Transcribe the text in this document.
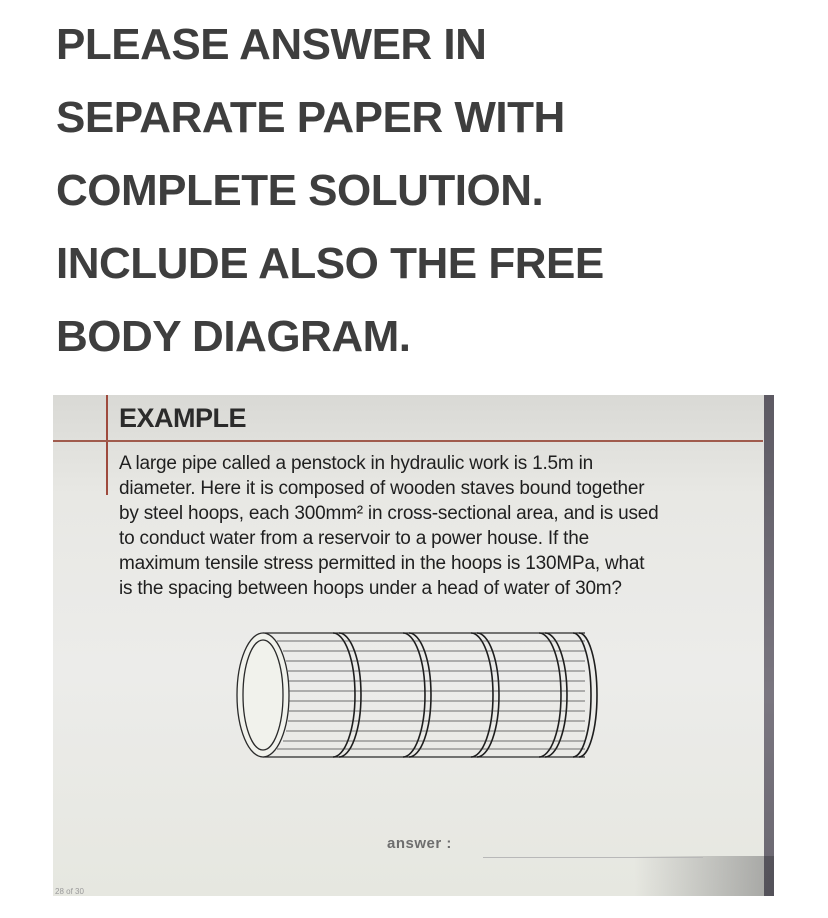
PLEASE ANSWER IN
SEPARATE PAPER WITH
COMPLETE SOLUTION.
INCLUDE ALSO THE FREE
BODY DIAGRAM.
EXAMPLE
A large pipe called a penstock in hydraulic work is 1.5m in
diameter. Here it is composed of wooden staves bound together
by steel hoops, each 300mm² in cross-sectional area, and is used
to conduct water from a reservoir to a power house. If the
maximum tensile stress permitted in the hoops is 130MPa, what
is the spacing between hoops under a head of water of 30m?
answer :
28 of 30
